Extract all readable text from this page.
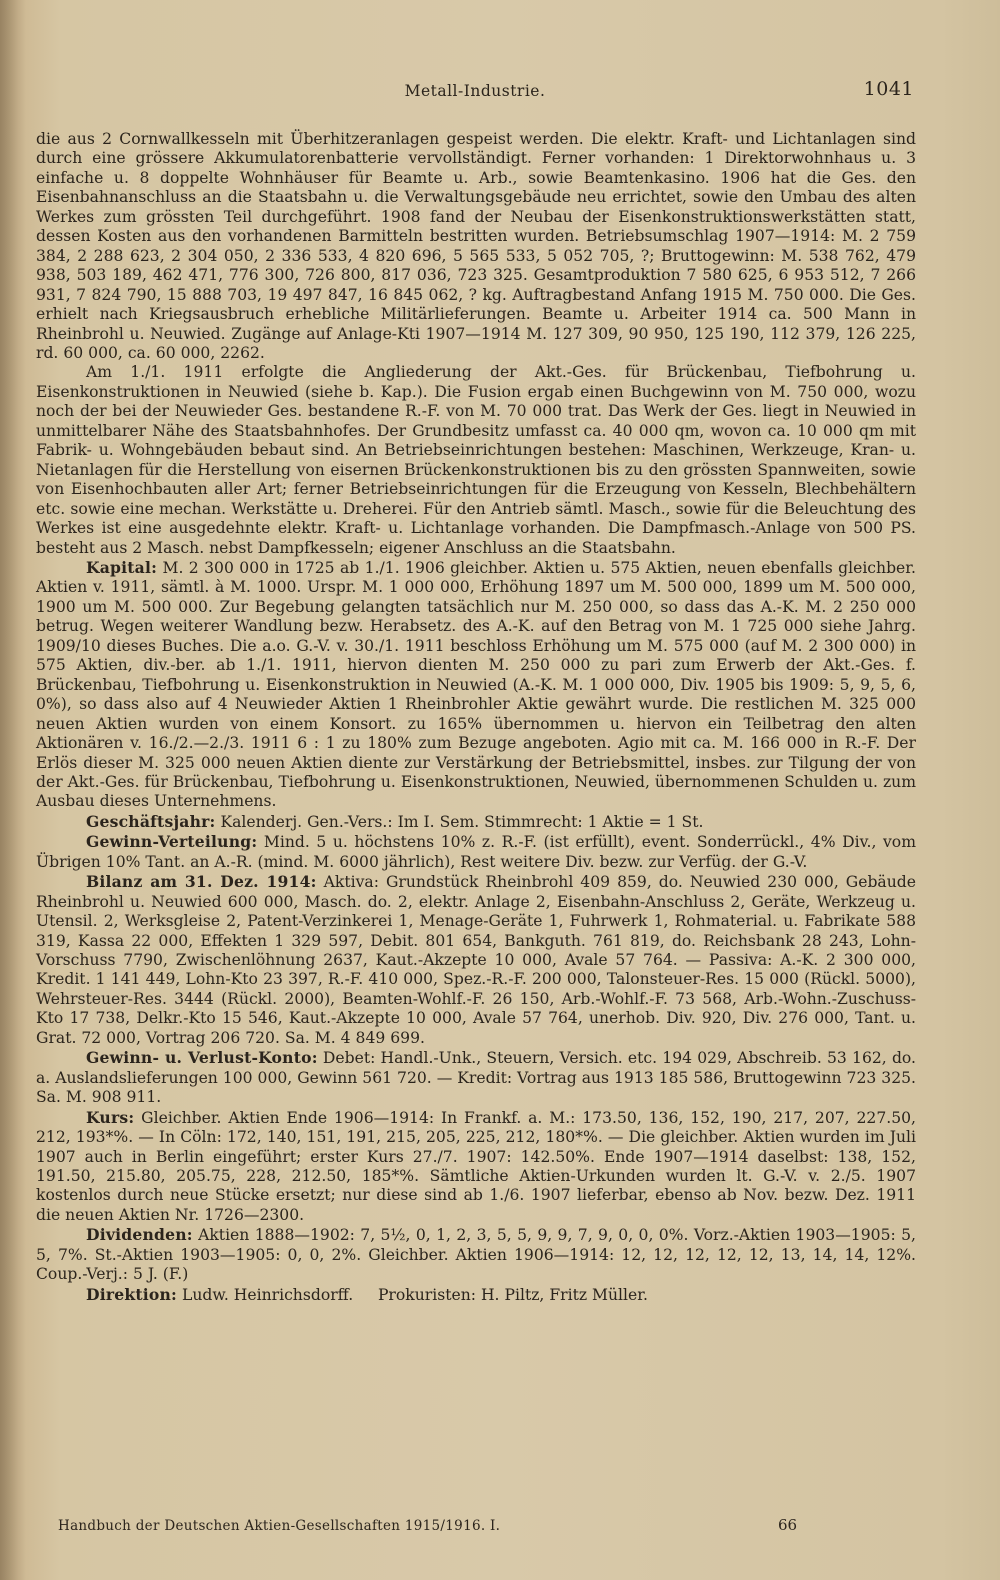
Metall-Industrie.	1041

die aus 2 Cornwallkesseln mit Überhitzeranlagen gespeist werden. Die elektr. Kraft- und Lichtanlagen sind durch eine grössere Akkumulatorenbatterie vervollständigt. Ferner vorhanden: 1 Direktorwohnhaus u. 3 einfache u. 8 doppelte Wohnhäuser für Beamte u. Arb., sowie Beamtenkasino. 1906 hat die Ges. den Eisenbahnanschluss an die Staatsbahn u. die Verwaltungsgebäude neu errichtet, sowie den Umbau des alten Werkes zum grössten Teil durchgeführt. 1908 fand der Neubau der Eisenkonstruktionswerkstätten statt, dessen Kosten aus den vorhandenen Barmitteln bestritten wurden. Betriebsumschlag 1907—1914: M. 2 759 384, 2 288 623, 2 304 050, 2 336 533, 4 820 696, 5 565 533, 5 052 705, ?; Bruttogewinn: M. 538 762, 479 938, 503 189, 462 471, 776 300, 726 800, 817 036, 723 325. Gesamtproduktion 7 580 625, 6 953 512, 7 266 931, 7 824 790, 15 888 703, 19 497 847, 16 845 062, ? kg. Auftragbestand Anfang 1915 M. 750 000. Die Ges. erhielt nach Kriegsausbruch erhebliche Militärlieferungen. Beamte u. Arbeiter 1914 ca. 500 Mann in Rheinbrohl u. Neuwied. Zugänge auf Anlage-Kti 1907—1914 M. 127 309, 90 950, 125 190, 112 379, 126 225, rd. 60 000, ca. 60 000, 2262.

Am 1./1. 1911 erfolgte die Angliederung der Akt.-Ges. für Brückenbau, Tiefbohrung u. Eisenkonstruktionen in Neuwied (siehe b. Kap.). Die Fusion ergab einen Buchgewinn von M. 750 000, wozu noch der bei der Neuwieder Ges. bestandene R.-F. von M. 70 000 trat. Das Werk der Ges. liegt in Neuwied in unmittelbarer Nähe des Staatsbahnhofes. Der Grundbesitz umfasst ca. 40 000 qm, wovon ca. 10 000 qm mit Fabrik- u. Wohngebäuden bebaut sind. An Betriebseinrichtungen bestehen: Maschinen, Werkzeuge, Kran- u. Nietanlagen für die Herstellung von eisernen Brückenkonstruktionen bis zu den grössten Spannweiten, sowie von Eisenhochbauten aller Art; ferner Betriebseinrichtungen für die Erzeugung von Kesseln, Blechbehältern etc. sowie eine mechan. Werkstätte u. Dreherei. Für den Antrieb sämtl. Masch., sowie für die Beleuchtung des Werkes ist eine ausgedehnte elektr. Kraft- u. Lichtanlage vorhanden. Die Dampfmasch.-Anlage von 500 PS. besteht aus 2 Masch. nebst Dampfkesseln; eigener Anschluss an die Staatsbahn.

Kapital: M. 2 300 000 in 1725 ab 1./1. 1906 gleichber. Aktien u. 575 Aktien, neuen ebenfalls gleichber. Aktien v. 1911, sämtl. à M. 1000. Urspr. M. 1 000 000, Erhöhung 1897 um M. 500 000, 1899 um M. 500 000, 1900 um M. 500 000. Zur Begebung gelangten tatsächlich nur M. 250 000, so dass das A.-K. M. 2 250 000 betrug. Wegen weiterer Wandlung bezw. Herabsetz. des A.-K. auf den Betrag von M. 1 725 000 siehe Jahrg. 1909/10 dieses Buches. Die a.o. G.-V. v. 30./1. 1911 beschloss Erhöhung um M. 575 000 (auf M. 2 300 000) in 575 Aktien, div.-ber. ab 1./1. 1911, hiervon dienten M. 250 000 zu pari zum Erwerb der Akt.-Ges. f. Brückenbau, Tiefbohrung u. Eisenkonstruktion in Neuwied (A.-K. M. 1 000 000, Div. 1905 bis 1909: 5, 9, 5, 6, 0%), so dass also auf 4 Neuwieder Aktien 1 Rheinbrohler Aktie gewährt wurde. Die restlichen M. 325 000 neuen Aktien wurden von einem Konsort. zu 165% übernommen u. hiervon ein Teilbetrag den alten Aktionären v. 16./2.—2./3. 1911 6 : 1 zu 180% zum Bezuge angeboten. Agio mit ca. M. 166 000 in R.-F. Der Erlös dieser M. 325 000 neuen Aktien diente zur Verstärkung der Betriebsmittel, insbes. zur Tilgung der von der Akt.-Ges. für Brückenbau, Tiefbohrung u. Eisenkonstruktionen, Neuwied, übernommenen Schulden u. zum Ausbau dieses Unternehmens.

Geschäftsjahr: Kalenderj. Gen.-Vers.: Im I. Sem. Stimmrecht: 1 Aktie = 1 St.

Gewinn-Verteilung: Mind. 5 u. höchstens 10% z. R.-F. (ist erfüllt), event. Sonderrückl., 4% Div., vom Übrigen 10% Tant. an A.-R. (mind. M. 6000 jährlich), Rest weitere Div. bezw. zur Verfüg. der G.-V.

Bilanz am 31. Dez. 1914: Aktiva: Grundstück Rheinbrohl 409 859, do. Neuwied 230 000, Gebäude Rheinbrohl u. Neuwied 600 000, Masch. do. 2, elektr. Anlage 2, Eisenbahn-Anschluss 2, Geräte, Werkzeug u. Utensil. 2, Werksgleise 2, Patent-Verzinkerei 1, Menage-Geräte 1, Fuhrwerk 1, Rohmaterial. u. Fabrikate 588 319, Kassa 22 000, Effekten 1 329 597, Debit. 801 654, Bankguth. 761 819, do. Reichsbank 28 243, Lohn-Vorschuss 7790, Zwischenlöhnung 2637, Kaut.-Akzepte 10 000, Avale 57 764. — Passiva: A.-K. 2 300 000, Kredit. 1 141 449, Lohn-Kto 23 397, R.-F. 410 000, Spez.-R.-F. 200 000, Talonsteuer-Res. 15 000 (Rückl. 5000), Wehrsteuer-Res. 3444 (Rückl. 2000), Beamten-Wohlf.-F. 26 150, Arb.-Wohlf.-F. 73 568, Arb.-Wohn.-Zuschuss-Kto 17 738, Delkr.-Kto 15 546, Kaut.-Akzepte 10 000, Avale 57 764, unerhob. Div. 920, Div. 276 000, Tant. u. Grat. 72 000, Vortrag 206 720. Sa. M. 4 849 699.

Gewinn- u. Verlust-Konto: Debet: Handl.-Unk., Steuern, Versich. etc. 194 029, Abschreib. 53 162, do. a. Auslandslieferungen 100 000, Gewinn 561 720. — Kredit: Vortrag aus 1913 185 586, Bruttogewinn 723 325. Sa. M. 908 911.

Kurs: Gleichber. Aktien Ende 1906—1914: In Frankf. a. M.: 173.50, 136, 152, 190, 217, 207, 227.50, 212, 193*%. — In Cöln: 172, 140, 151, 191, 215, 205, 225, 212, 180*%. — Die gleichber. Aktien wurden im Juli 1907 auch in Berlin eingeführt; erster Kurs 27./7. 1907: 142.50%. Ende 1907—1914 daselbst: 138, 152, 191.50, 215.80, 205.75, 228, 212.50, 185*%. Sämtliche Aktien-Urkunden wurden lt. G.-V. v. 2./5. 1907 kostenlos durch neue Stücke ersetzt; nur diese sind ab 1./6. 1907 lieferbar, ebenso ab Nov. bezw. Dez. 1911 die neuen Aktien Nr. 1726—2300.

Dividenden: Aktien 1888—1902: 7, 5½, 0, 1, 2, 3, 5, 5, 9, 9, 7, 9, 0, 0, 0%. Vorz.-Aktien 1903—1905: 5, 5, 7%. St.-Aktien 1903—1905: 0, 0, 2%. Gleichber. Aktien 1906—1914: 12, 12, 12, 12, 12, 13, 14, 14, 12%. Coup.-Verj.: 5 J. (F.)

Direktion: Ludw. Heinrichsdorff.     Prokuristen: H. Piltz, Fritz Müller.

Handbuch der Deutschen Aktien-Gesellschaften 1915/1916. I.	66
